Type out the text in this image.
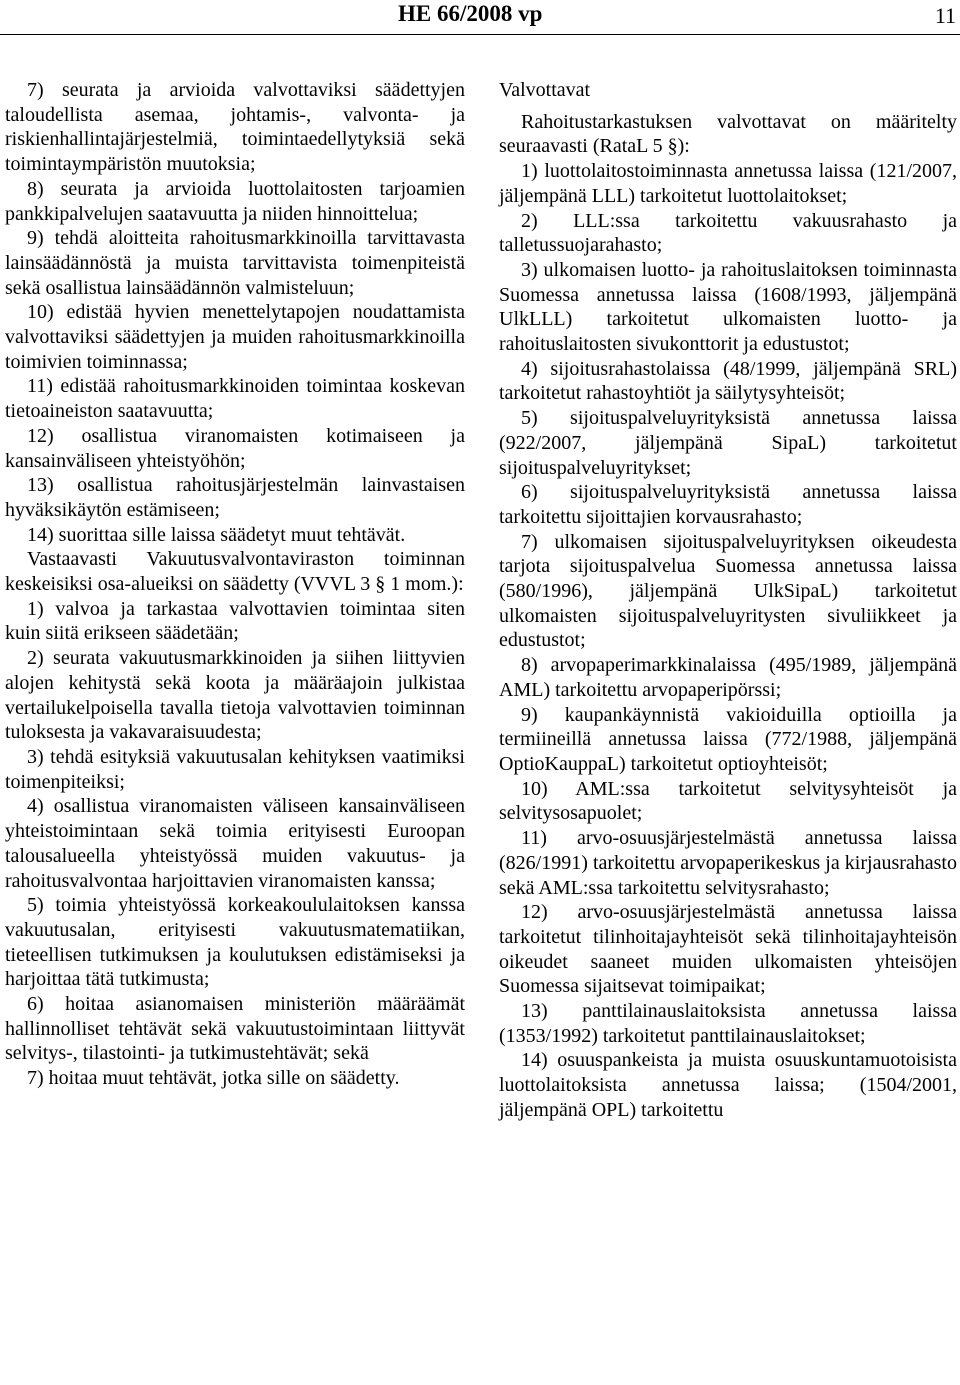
HE 66/2008 vp	11

7) seurata ja arvioida valvottaviksi säädettyjen taloudellista asemaa, johtamis-, valvonta- ja riskienhallintajärjestelmiä, toimintaedellytyksiä sekä toimintaympäristön muutoksia;

8) seurata ja arvioida luottolaitosten tarjoamien pankkipalvelujen saatavuutta ja niiden hinnoittelua;

9) tehdä aloitteita rahoitusmarkkinoilla tarvittavasta lainsäädännöstä ja muista tarvittavista toimenpiteistä sekä osallistua lainsäädännön valmisteluun;

10) edistää hyvien menettelytapojen noudattamista valvottaviksi säädettyjen ja muiden rahoitusmarkkinoilla toimivien toiminnassa;

11) edistää rahoitusmarkkinoiden toimintaa koskevan tietoaineiston saatavuutta;

12) osallistua viranomaisten kotimaiseen ja kansainväliseen yhteistyöhön;

13) osallistua rahoitusjärjestelmän lainvastaisen hyväksikäytön estämiseen;

14) suorittaa sille laissa säädetyt muut tehtävät.

Vastaavasti Vakuutusvalvontaviraston toiminnan keskeisiksi osa-alueiksi on säädetty (VVVL 3 § 1 mom.):

1) valvoa ja tarkastaa valvottavien toimintaa siten kuin siitä erikseen säädetään;

2) seurata vakuutusmarkkinoiden ja siihen liittyvien alojen kehitystä sekä koota ja määräajoin julkistaa vertailukelpoisella tavalla tietoja valvottavien toiminnan tuloksesta ja vakavaraisuudesta;

3) tehdä esityksiä vakuutusalan kehityksen vaatimiksi toimenpiteiksi;

4) osallistua viranomaisten väliseen kansainväliseen yhteistoimintaan sekä toimia erityisesti Euroopan talousalueella yhteistyössä muiden vakuutus- ja rahoitusvalvontaa harjoittavien viranomaisten kanssa;

5) toimia yhteistyössä korkeakoululaitoksen kanssa vakuutusalan, erityisesti vakuutusmatematiikan, tieteellisen tutkimuksen ja koulutuksen edistämiseksi ja harjoittaa tätä tutkimusta;

6) hoitaa asianomaisen ministeriön määräämät hallinnolliset tehtävät sekä vakuutustoimintaan liittyvät selvitys-, tilastointi- ja tutkimustehtävät; sekä

7) hoitaa muut tehtävät, jotka sille on säädetty.

Valvottavat

Rahoitustarkastuksen valvottavat on määritelty seuraavasti (RataL 5 §):

1) luottolaitostoiminnasta annetussa laissa (121/2007, jäljempänä LLL) tarkoitetut luottolaitokset;

2) LLL:ssa tarkoitettu vakuusrahasto ja talletussuojarahasto;

3) ulkomaisen luotto- ja rahoituslaitoksen toiminnasta Suomessa annetussa laissa (1608/1993, jäljempänä UlkLLL) tarkoitetut ulkomaisten luotto- ja rahoituslaitosten sivukonttorit ja edustustot;

4) sijoitusrahastolaissa (48/1999, jäljempänä SRL) tarkoitetut rahastoyhtiöt ja säilytysyhteisöt;

5) sijoituspalveluyrityksistä annetussa laissa (922/2007, jäljempänä SipaL) tarkoitetut sijoituspalveluyritykset;

6) sijoituspalveluyrityksistä annetussa laissa tarkoitettu sijoittajien korvausrahasto;

7) ulkomaisen sijoituspalveluyrityksen oikeudesta tarjota sijoituspalvelua Suomessa annetussa laissa (580/1996), jäljempänä UlkSipaL) tarkoitetut ulkomaisten sijoituspalveluyritysten sivuliikkeet ja edustustot;

8) arvopaperimarkkinalaissa (495/1989, jäljempänä AML) tarkoitettu arvopaperipörssi;

9) kaupankäynnistä vakioiduilla optioilla ja termiineillä annetussa laissa (772/1988, jäljempänä OptioKauppaL) tarkoitetut optioyhteisöt;

10) AML:ssa tarkoitetut selvitysyhteisöt ja selvitysosapuolet;

11) arvo-osuusjärjestelmästä annetussa laissa (826/1991) tarkoitettu arvopaperikeskus ja kirjausrahasto sekä AML:ssa tarkoitettu selvitysrahasto;

12) arvo-osuusjärjestelmästä annetussa laissa tarkoitetut tilinhoitajayhteisöt sekä tilinhoitajayhteisön oikeudet saaneet muiden ulkomaisten yhteisöjen Suomessa sijaitsevat toimipaikat;

13) panttilainauslaitoksista annetussa laissa (1353/1992) tarkoitetut panttilainauslaitokset;

14) osuuspankeista ja muista osuuskuntamuotoisista luottolaitoksista annetussa laissa; (1504/2001, jäljempänä OPL) tarkoitettu
